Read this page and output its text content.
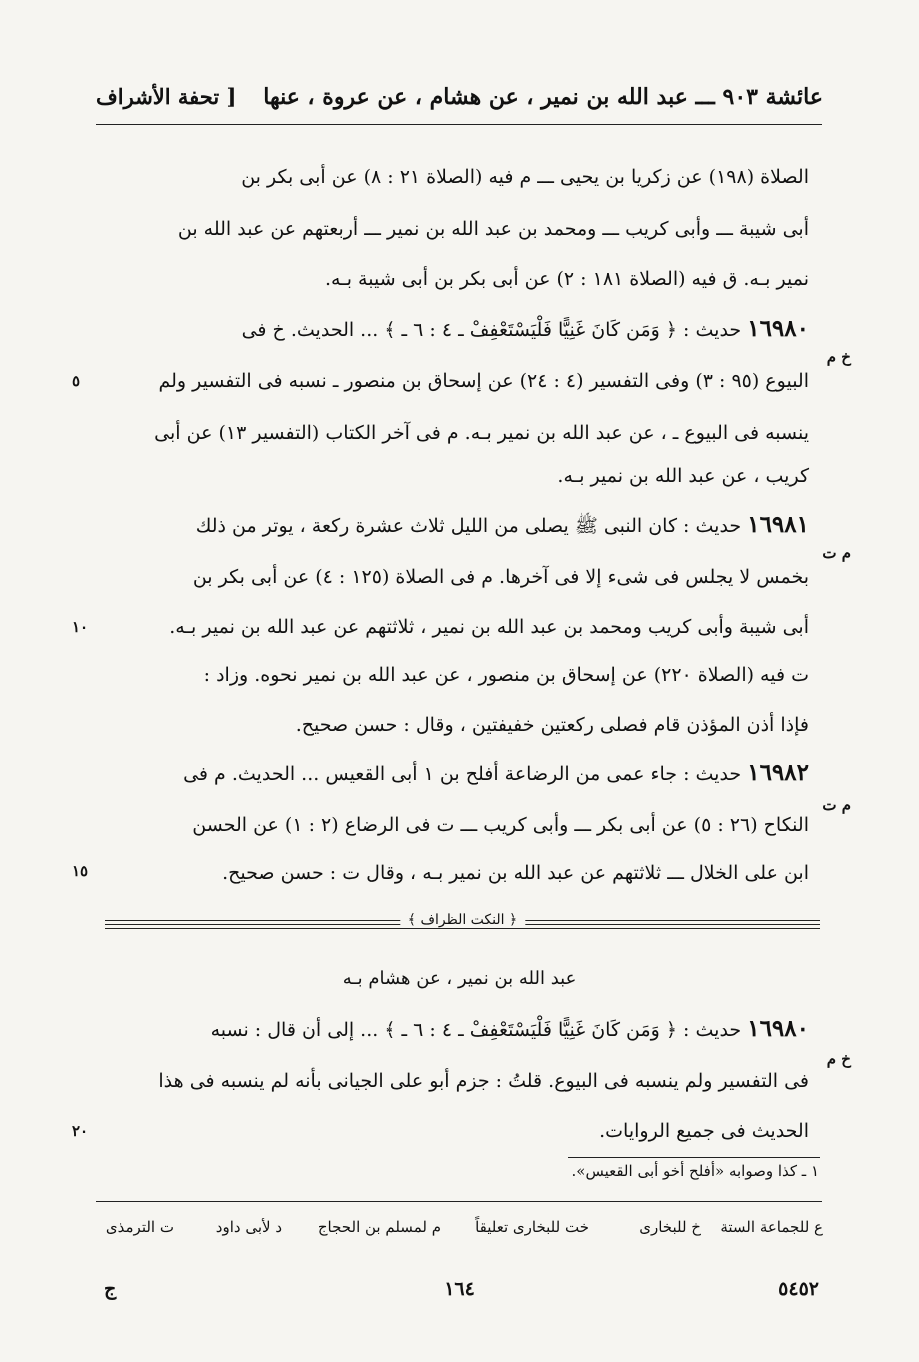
عائشة ٩٠٣ ـــ عبد الله بن نمير ، عن هشام ، عن عروة ، عنها
[ تحفة الأشراف
الصلاة (١٩٨) عن زكريا بن يحيى ـــ م فيه (الصلاة ٢١ : ٨) عن أبى بكر بن
أبى شيبة ـــ وأبى كريب ـــ ومحمد بن عبد الله بن نمير ـــ أربعتهم عن عبد الله بن
نمير بـه. ق فيه (الصلاة ١٨١ : ٢) عن أبى بكر بن أبى شيبة بـه.
١٦٩٨٠ حديث : ﴿ وَمَن كَانَ غَنِيًّا فَلْيَسْتَعْفِفْ ـ ٤ : ٦ ـ ﴾ ... الحديث. خ فى
خ م
البيوع (٩٥ : ٣) وفى التفسير (٤ : ٢٤) عن إسحاق بن منصور ـ نسبه فى التفسير ولم
٥
ينسبه فى البيوع ـ ، عن عبد الله بن نمير بـه. م فى آخر الكتاب (التفسير ١٣) عن أبى
كريب ، عن عبد الله بن نمير بـه.
١٦٩٨١ حديث : كان النبى ﷺ يصلى من الليل ثلاث عشرة ركعة ، يوتر من ذلك
م ت
بخمس لا يجلس فى شىء إلا فى آخرها. م فى الصلاة (١٢٥ : ٤) عن أبى بكر بن
أبى شيبة وأبى كريب ومحمد بن عبد الله بن نمير ، ثلاثتهم عن عبد الله بن نمير بـه.
١٠
ت فيه (الصلاة ٢٢٠) عن إسحاق بن منصور ، عن عبد الله بن نمير نحوه. وزاد :
فإذا أذن المؤذن قام فصلى ركعتين خفيفتين ، وقال : حسن صحيح.
١٦٩٨٢ حديث : جاء عمى من الرضاعة أفلح بن ١ أبى القعيس ... الحديث. م فى
م ت
النكاح (٢٦ : ٥) عن أبى بكر ـــ وأبى كريب ـــ ت فى الرضاع (٢ : ١) عن الحسن
ابن على الخلال ـــ ثلاثتهم عن عبد الله بن نمير بـه ، وقال ت : حسن صحيح.
١٥
﴿ النكت الظراف ﴾
عبد الله بن نمير ، عن هشام بـه
١٦٩٨٠ حديث : ﴿ وَمَن كَانَ غَنِيًّا فَلْيَسْتَعْفِفْ ـ ٤ : ٦ ـ ﴾ ... إلى أن قال : نسبه
خ م
فى التفسير ولم ينسبه فى البيوع. قلتُ : جزم أبو على الجيانى بأنه لم ينسبه فى هذا
الحديث فى جميع الروايات.
٢٠
١ ـ كذا وصوابه «أفلح أخو أبى القعيس».
ع للجماعة الستة
خ للبخارى
خت للبخارى تعليقاً
م لمسلم بن الحجاج
د لأبى داود
ت الترمذى
ج	١٦٤	٥٤٥٢
